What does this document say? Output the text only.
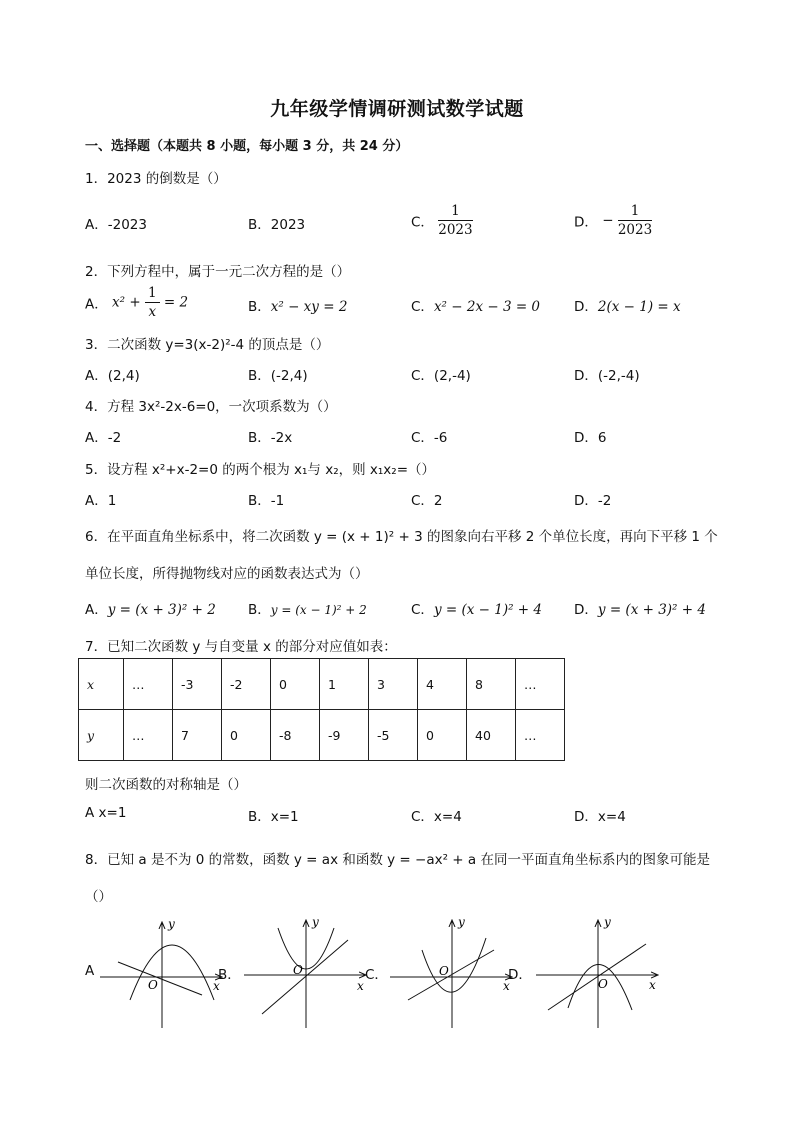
九年级学情调研测试数学试题
一、选择题（本题共 8 小题，每小题 3 分，共 24 分）
1．2023 的倒数是（）
A．-2023	B．2023	C． $\frac{1}{2023}$	D． − $\frac{1}{2023}$
2．下列方程中，属于一元二次方程的是（）
A． $x^2 + \frac{1}{x} = 2$	B．x² − xy = 2	C．x² − 2x − 3 = 0	D．2(x − 1) = x
3．二次函数 y=3(x-2)²-4 的顶点是（）
A．(2,4)	B．(-2,4)	C．(2,-4)	D．(-2,-4)
4．方程 3x²-2x-6=0，一次项系数为（）
A．-2	B．-2x	C．-6	D．6
5．设方程 x²+x-2=0 的两个根为 x₁与 x₂，则 x₁x₂=（）
A．1	B．-1	C．2	D．-2
6．在平面直角坐标系中，将二次函数 y = (x + 1)² + 3 的图象向右平移 2 个单位长度，再向下平移 1 个
单位长度，所得抛物线对应的函数表达式为（）
A．y = (x + 3)² + 2 B．y = (x − 1)² + 2	C．y = (x − 1)² + 4 D．y = (x + 3)² + 4
7．已知二次函数 y 与自变量 x 的部分对应值如表：
x	…	-3	-2	0	1	3	4	8	…
y	…	7	0	-8	-9	-5	0	40	…
则二次函数的对称轴是（）
A x=1	B．x=1	C．x=4	D．x=4
8．已知 a 是不为 0 的常数，函数 y = ax 和函数 y = −ax² + a 在同一平面直角坐标系内的图象可能是
（）
A	B．	C．	D．
y
x
O
y
x
O
y
x
O
y
x
O
